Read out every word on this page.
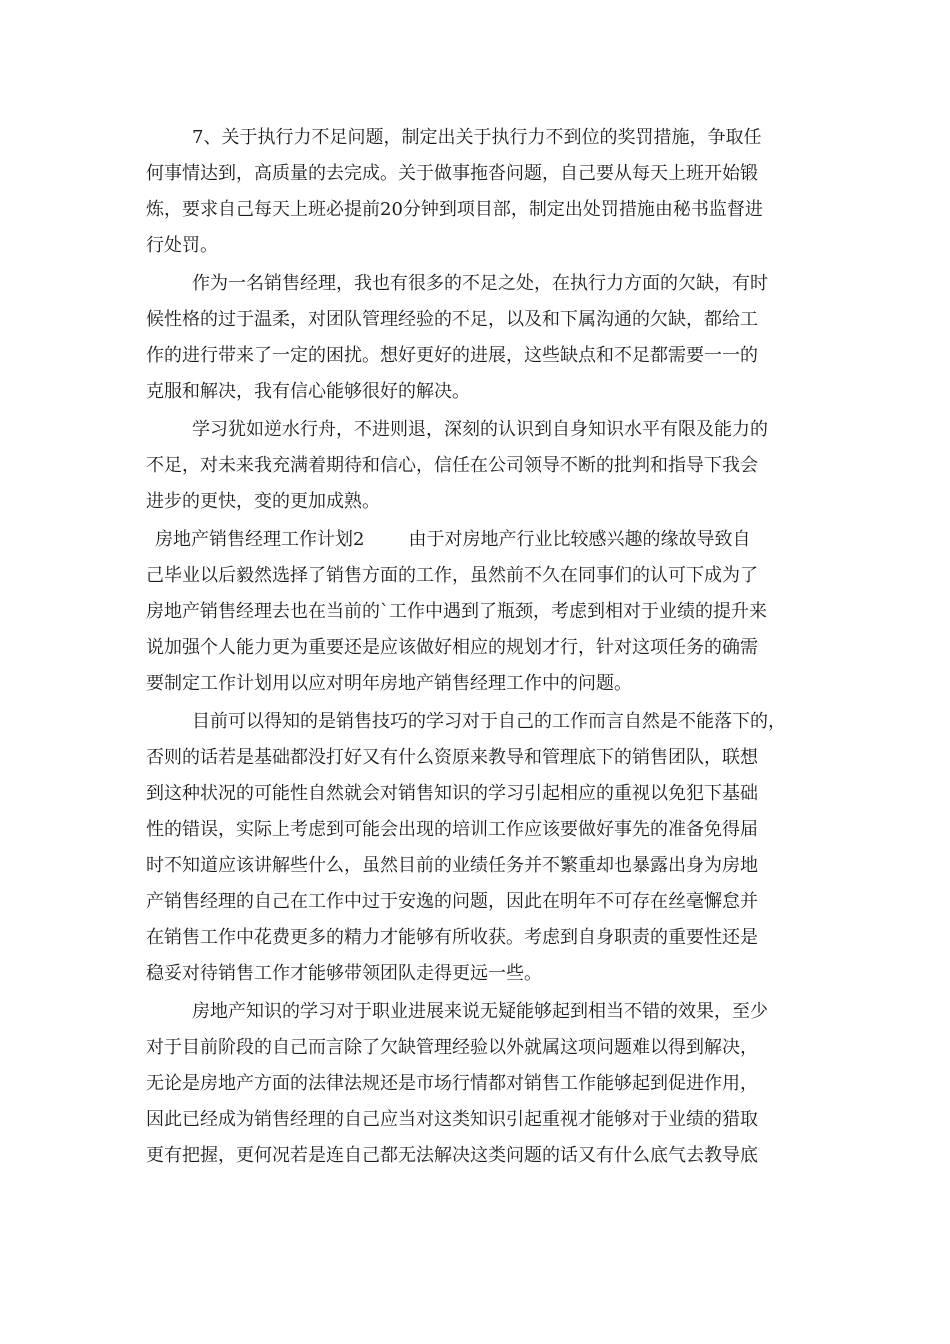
7、关于执行力不足问题，制定出关于执行力不到位的奖罚措施，争取任
何事情达到，高质量的去完成。关于做事拖沓问题，自己要从每天上班开始锻
炼，要求自己每天上班必提前20分钟到项目部，制定出处罚措施由秘书监督进
行处罚。
作为一名销售经理，我也有很多的不足之处，在执行力方面的欠缺，有时
候性格的过于温柔，对团队管理经验的不足，以及和下属沟通的欠缺，都给工
作的进行带来了一定的困扰。想好更好的进展，这些缺点和不足都需要一一的
克服和解决，我有信心能够很好的解决。
学习犹如逆水行舟，不进则退，深刻的认识到自身知识水平有限及能力的
不足，对未来我充满着期待和信心，信任在公司领导不断的批判和指导下我会
进步的更快，变的更加成熟。
房地产销售经理工作计划2 由于对房地产行业比较感兴趣的缘故导致自
己毕业以后毅然选择了销售方面的工作，虽然前不久在同事们的认可下成为了
房地产销售经理去也在当前的`工作中遇到了瓶颈，考虑到相对于业绩的提升来
说加强个人能力更为重要还是应该做好相应的规划才行，针对这项任务的确需
要制定工作计划用以应对明年房地产销售经理工作中的问题。
目前可以得知的是销售技巧的学习对于自己的工作而言自然是不能落下的，
否则的话若是基础都没打好又有什么资原来教导和管理底下的销售团队，联想
到这种状况的可能性自然就会对销售知识的学习引起相应的重视以免犯下基础
性的错误，实际上考虑到可能会出现的培训工作应该要做好事先的准备免得届
时不知道应该讲解些什么，虽然目前的业绩任务并不繁重却也暴露出身为房地
产销售经理的自己在工作中过于安逸的问题，因此在明年不可存在丝毫懈怠并
在销售工作中花费更多的精力才能够有所收获。考虑到自身职责的重要性还是
稳妥对待销售工作才能够带领团队走得更远一些。
房地产知识的学习对于职业进展来说无疑能够起到相当不错的效果，至少
对于目前阶段的自己而言除了欠缺管理经验以外就属这项问题难以得到解决，
无论是房地产方面的法律法规还是市场行情都对销售工作能够起到促进作用，
因此已经成为销售经理的自己应当对这类知识引起重视才能够对于业绩的猎取
更有把握，更何况若是连自己都无法解决这类问题的话又有什么底气去教导底
